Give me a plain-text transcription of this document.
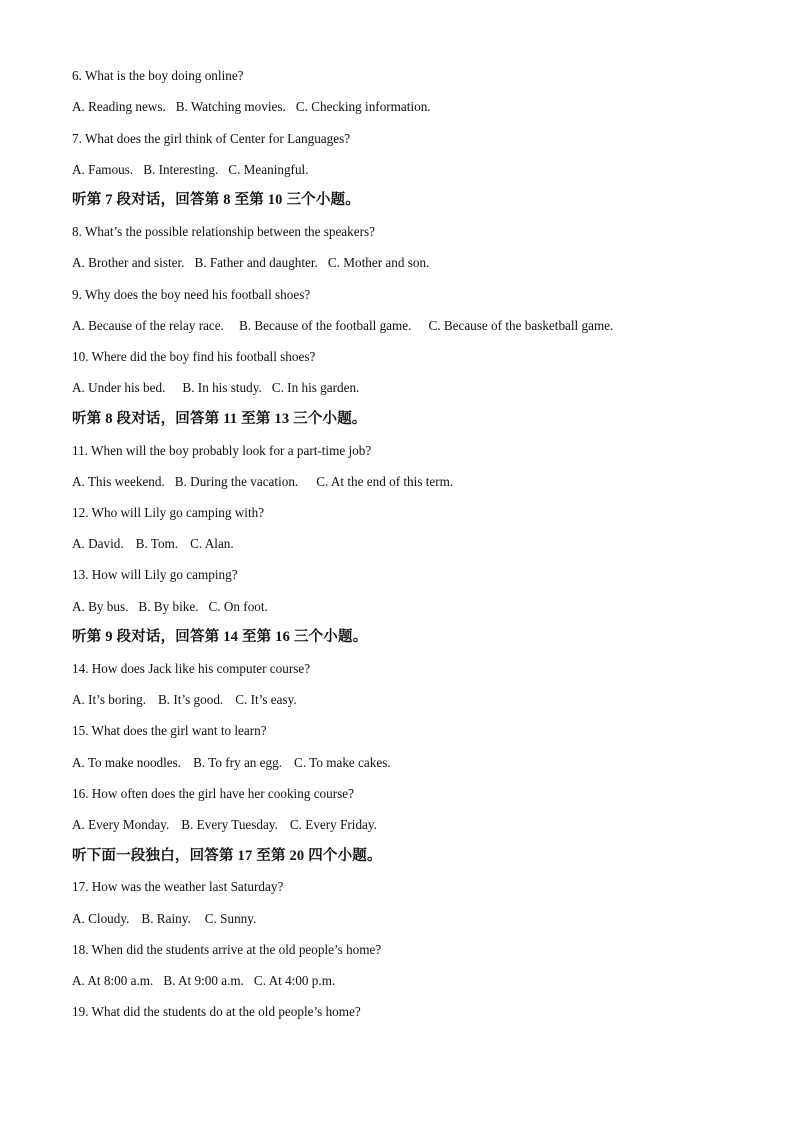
6. What is the boy doing online?
A. Reading news. B. Watching movies. C. Checking information.
7. What does the girl think of Center for Languages?
A. Famous. B. Interesting. C. Meaningful.
听第 7 段对话，回答第 8 至第 10 三个小题。
8. What’s the possible relationship between the speakers?
A. Brother and sister. B. Father and daughter. C. Mother and son.
9. Why does the boy need his football shoes?
A. Because of the relay race. B. Because of the football game. C. Because of the basketball game.
10. Where did the boy find his football shoes?
A. Under his bed. B. In his study. C. In his garden.
听第 8 段对话，回答第 11 至第 13 三个小题。
11. When will the boy probably look for a part-time job?
A. This weekend. B. During the vacation. C. At the end of this term.
12. Who will Lily go camping with?
A. David. B. Tom. C. Alan.
13. How will Lily go camping?
A. By bus. B. By bike. C. On foot.
听第 9 段对话，回答第 14 至第 16 三个小题。
14. How does Jack like his computer course?
A. It’s boring. B. It’s good. C. It’s easy.
15. What does the girl want to learn?
A. To make noodles. B. To fry an egg. C. To make cakes.
16. How often does the girl have her cooking course?
A. Every Monday. B. Every Tuesday. C. Every Friday.
听下面一段独白，回答第 17 至第 20 四个小题。
17. How was the weather last Saturday?
A. Cloudy. B. Rainy. C. Sunny.
18. When did the students arrive at the old people’s home?
A. At 8:00 a.m. B. At 9:00 a.m. C. At 4:00 p.m.
19. What did the students do at the old people’s home?
